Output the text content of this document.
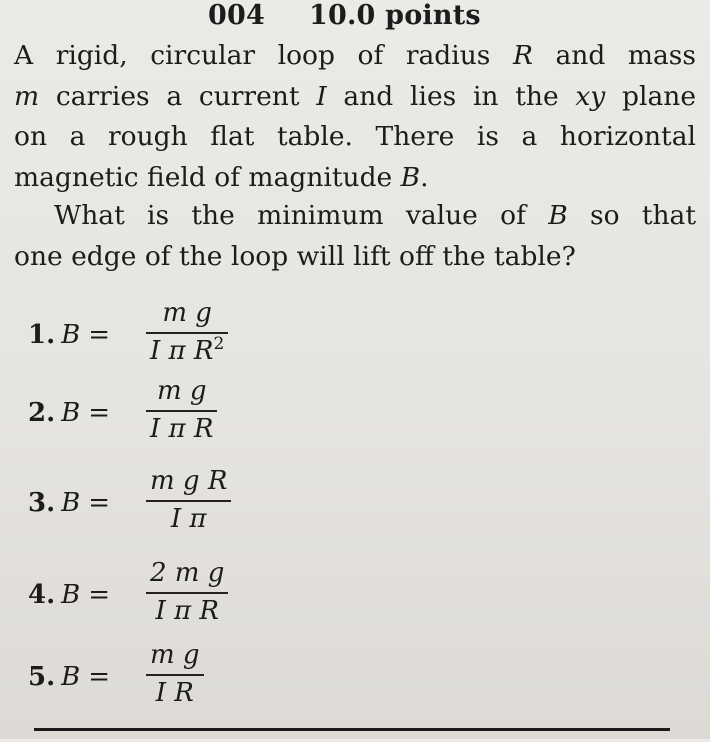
004 10.0 points
A rigid, circular loop of radius R and mass
m carries a current I and lies in the xy plane
on a rough flat table. There is a horizontal
magnetic field of magnitude B.
What is the minimum value of B so that
one edge of the loop will lift off the table?
1. B =
m g
I π $R^2$
2. B =
m g
I π R
3. B =
m g R
I π
4. B =
2 m g
I π R
5. B =
m g
I R
